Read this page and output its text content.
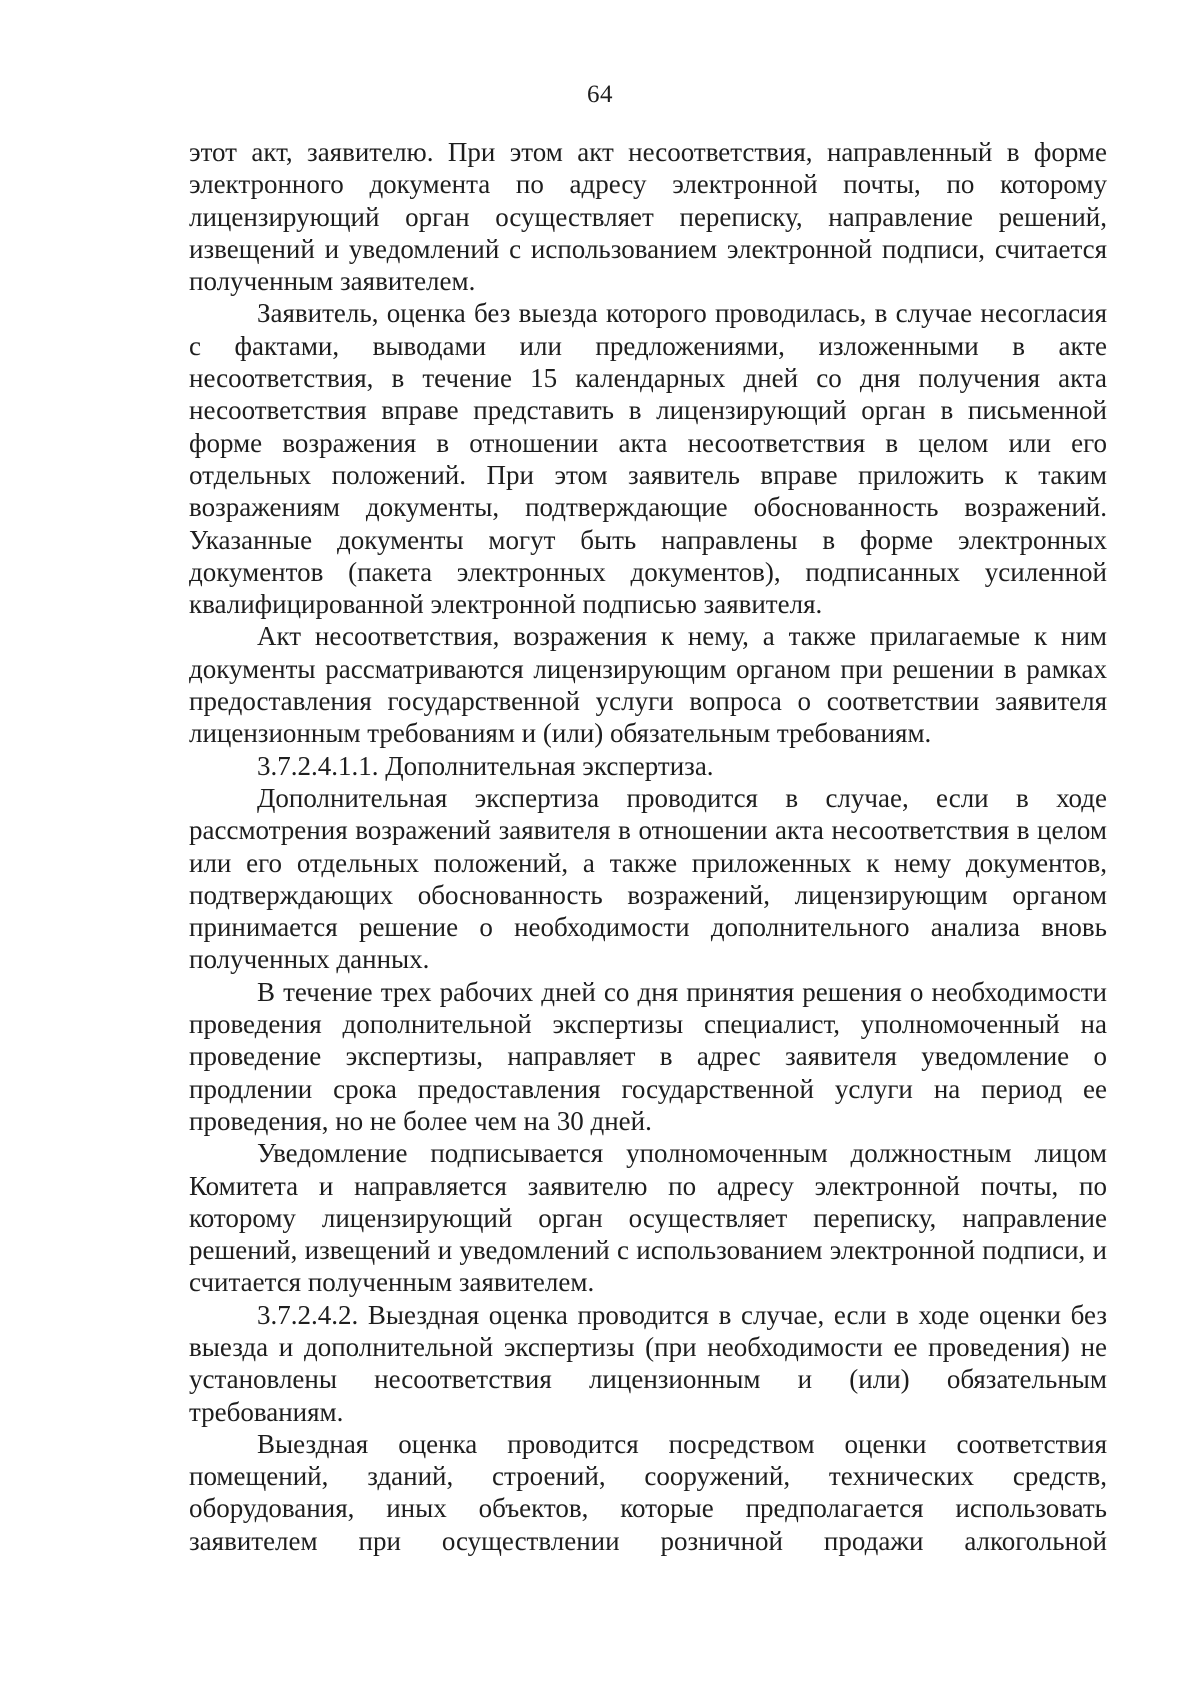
64

этот акт, заявителю. При этом акт несоответствия, направленный в форме электронного документа по адресу электронной почты, по которому лицензирующий орган осуществляет переписку, направление решений, извещений и уведомлений с использованием электронной подписи, считается полученным заявителем.

Заявитель, оценка без выезда которого проводилась, в случае несогласия с фактами, выводами или предложениями, изложенными в акте несоответствия, в течение 15 календарных дней со дня получения акта несоответствия вправе представить в лицензирующий орган в письменной форме возражения в отношении акта несоответствия в целом или его отдельных положений. При этом заявитель вправе приложить к таким возражениям документы, подтверждающие обоснованность возражений. Указанные документы могут быть направлены в форме электронных документов (пакета электронных документов), подписанных усиленной квалифицированной электронной подписью заявителя.

Акт несоответствия, возражения к нему, а также прилагаемые к ним документы рассматриваются лицензирующим органом при решении в рамках предоставления государственной услуги вопроса о соответствии заявителя лицензионным требованиям и (или) обязательным требованиям.

3.7.2.4.1.1. Дополнительная экспертиза.

Дополнительная экспертиза проводится в случае, если в ходе рассмотрения возражений заявителя в отношении акта несоответствия в целом или его отдельных положений, а также приложенных к нему документов, подтверждающих обоснованность возражений, лицензирующим органом принимается решение о необходимости дополнительного анализа вновь полученных данных.

В течение трех рабочих дней со дня принятия решения о необходимости проведения дополнительной экспертизы специалист, уполномоченный на проведение экспертизы, направляет в адрес заявителя уведомление о продлении срока предоставления государственной услуги на период ее проведения, но не более чем на 30 дней.

Уведомление подписывается уполномоченным должностным лицом Комитета и направляется заявителю по адресу электронной почты, по которому лицензирующий орган осуществляет переписку, направление решений, извещений и уведомлений с использованием электронной подписи, и считается полученным заявителем.

3.7.2.4.2. Выездная оценка проводится в случае, если в ходе оценки без выезда и дополнительной экспертизы (при необходимости ее проведения) не установлены несоответствия лицензионным и (или) обязательным требованиям.

Выездная оценка проводится посредством оценки соответствия помещений, зданий, строений, сооружений, технических средств, оборудования, иных объектов, которые предполагается использовать заявителем при осуществлении розничной продажи алкогольной
